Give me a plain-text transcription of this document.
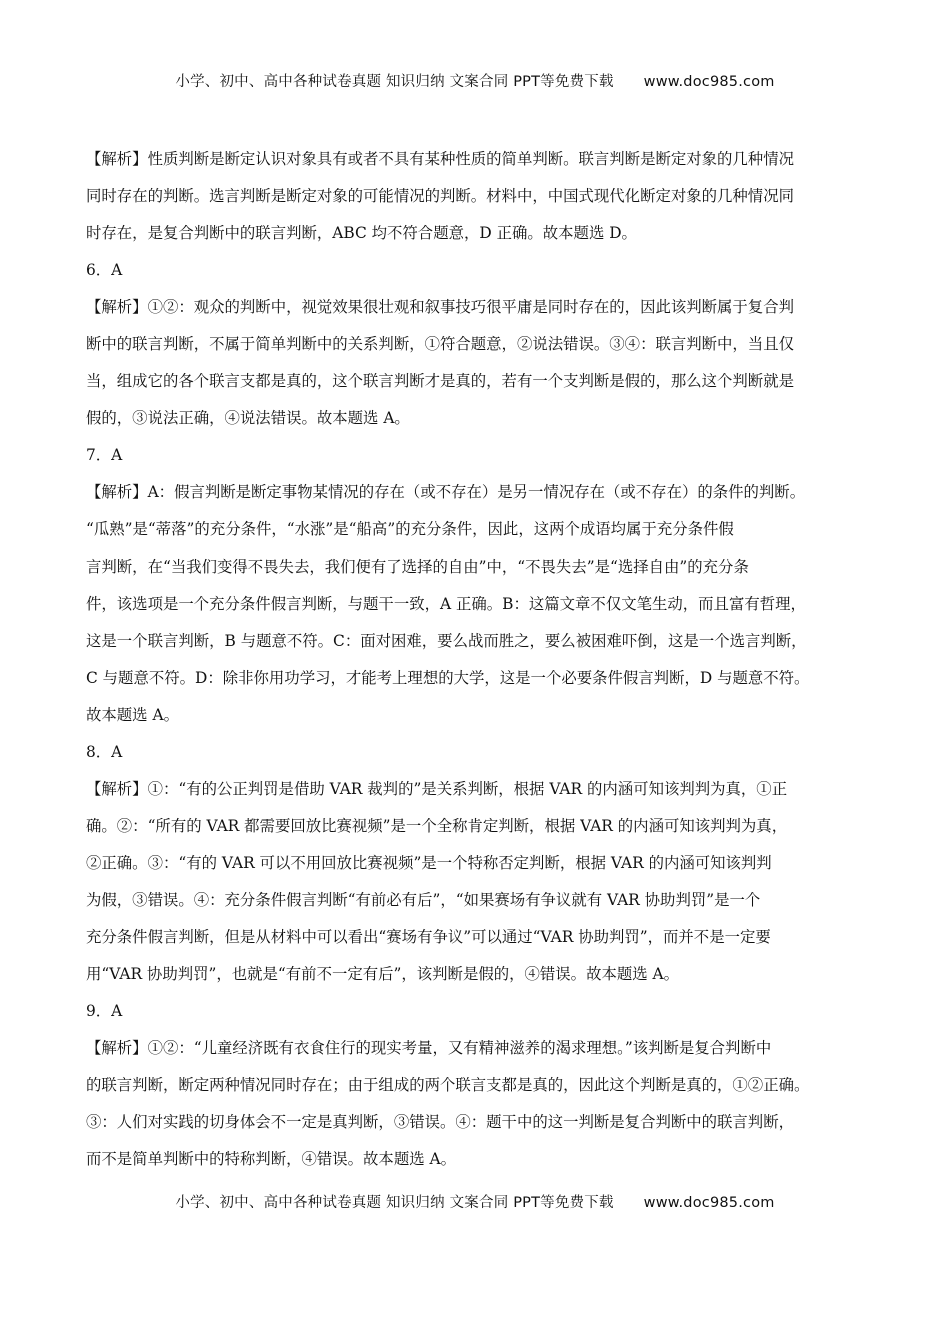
小学、初中、高中各种试卷真题 知识归纳 文案合同 PPT等免费下载 www.doc985.com
【解析】性质判断是断定认识对象具有或者不具有某种性质的简单判断。联言判断是断定对象的几种情况
同时存在的判断。选言判断是断定对象的可能情况的判断。材料中，中国式现代化断定对象的几种情况同
时存在，是复合判断中的联言判断，ABC 均不符合题意，D 正确。故本题选 D。
6．A
【解析】①②：观众的判断中，视觉效果很壮观和叙事技巧很平庸是同时存在的，因此该判断属于复合判
断中的联言判断，不属于简单判断中的关系判断，①符合题意，②说法错误。③④：联言判断中，当且仅
当，组成它的各个联言支都是真的，这个联言判断才是真的，若有一个支判断是假的，那么这个判断就是
假的，③说法正确，④说法错误。故本题选 A。
7．A
【解析】A：假言判断是断定事物某情况的存在（或不存在）是另一情况存在（或不存在）的条件的判断。
“瓜熟”是“蒂落”的充分条件，“水涨”是“船高”的充分条件，因此，这两个成语均属于充分条件假
言判断，在“当我们变得不畏失去，我们便有了选择的自由”中，“不畏失去”是“选择自由”的充分条
件，该选项是一个充分条件假言判断，与题干一致，A 正确。B：这篇文章不仅文笔生动，而且富有哲理，
这是一个联言判断，B 与题意不符。C：面对困难，要么战而胜之，要么被困难吓倒，这是一个选言判断，
C 与题意不符。D：除非你用功学习，才能考上理想的大学，这是一个必要条件假言判断，D 与题意不符。
故本题选 A。
8．A
【解析】①：“有的公正判罚是借助 VAR 裁判的”是关系判断，根据 VAR 的内涵可知该判判为真，①正
确。②：“所有的 VAR 都需要回放比赛视频”是一个全称肯定判断，根据 VAR 的内涵可知该判判为真，
②正确。③：“有的 VAR 可以不用回放比赛视频”是一个特称否定判断，根据 VAR 的内涵可知该判判
为假，③错误。④：充分条件假言判断“有前必有后”，“如果赛场有争议就有 VAR 协助判罚”是一个
充分条件假言判断，但是从材料中可以看出“赛场有争议”可以通过“VAR 协助判罚”，而并不是一定要
用“VAR 协助判罚”，也就是“有前不一定有后”，该判断是假的，④错误。故本题选 A。
9．A
【解析】①②：“儿童经济既有衣食住行的现实考量，又有精神滋养的渴求理想。”该判断是复合判断中
的联言判断，断定两种情况同时存在；由于组成的两个联言支都是真的，因此这个判断是真的，①②正确。
③：人们对实践的切身体会不一定是真判断，③错误。④：题干中的这一判断是复合判断中的联言判断，
而不是简单判断中的特称判断，④错误。故本题选 A。
小学、初中、高中各种试卷真题 知识归纳 文案合同 PPT等免费下载 www.doc985.com
